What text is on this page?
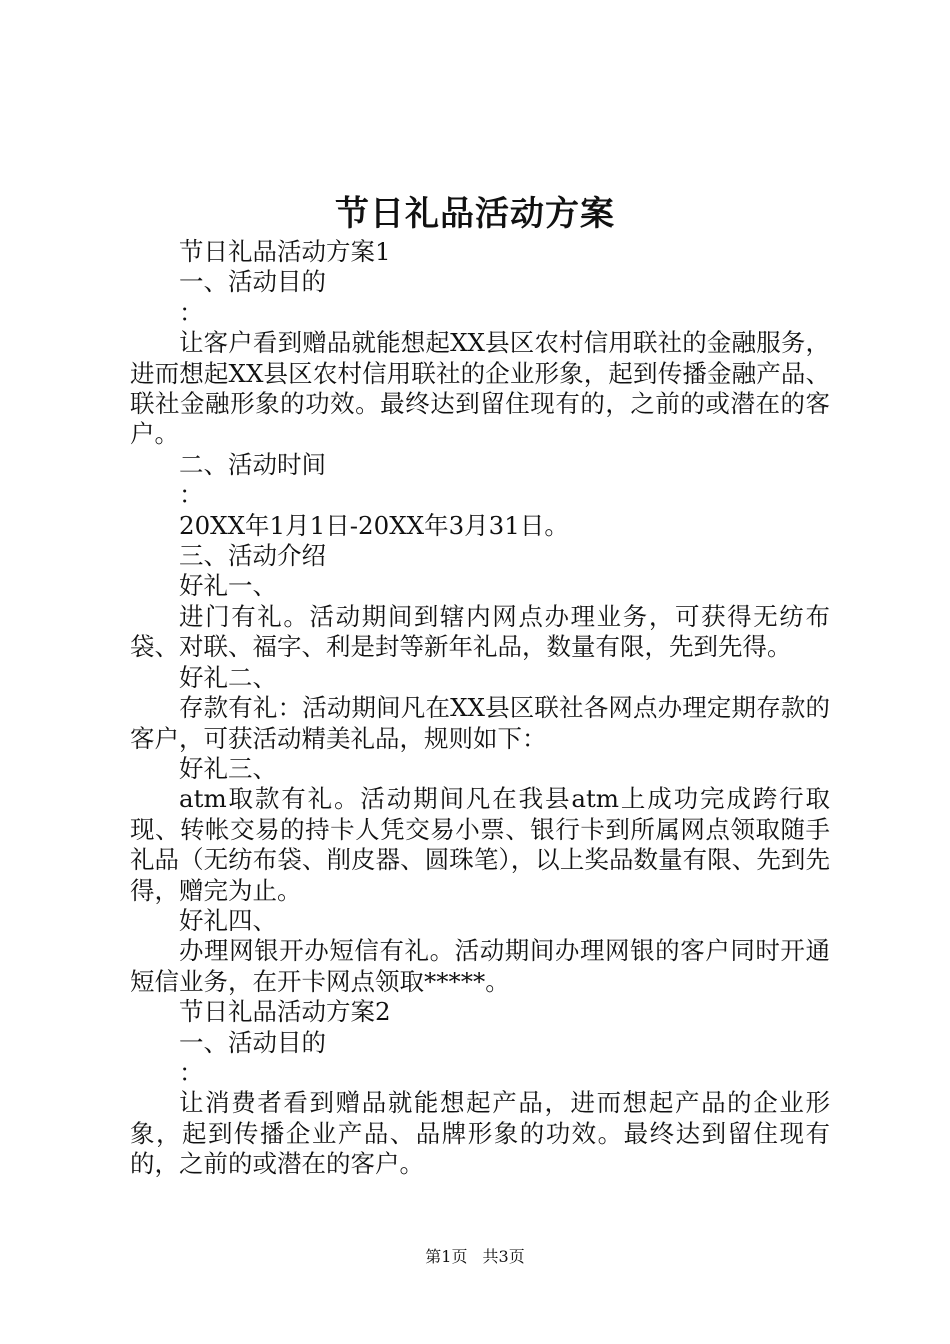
节日礼品活动方案

节日礼品活动方案1

一、活动目的

：

让客户看到赠品就能想起XX县区农村信用联社的金融服务，进而想起XX县区农村信用联社的企业形象，起到传播金融产品、联社金融形象的功效。最终达到留住现有的，之前的或潜在的客户。

二、活动时间

：

20XX年1月1日-20XX年3月31日。

三、活动介绍

好礼一、

进门有礼。活动期间到辖内网点办理业务，可获得无纺布袋、对联、福字、利是封等新年礼品，数量有限，先到先得。

好礼二、

存款有礼：活动期间凡在XX县区联社各网点办理定期存款的客户，可获活动精美礼品，规则如下：

好礼三、

atm取款有礼。活动期间凡在我县atm上成功完成跨行取现、转帐交易的持卡人凭交易小票、银行卡到所属网点领取随手礼品（无纺布袋、削皮器、圆珠笔），以上奖品数量有限、先到先得，赠完为止。

好礼四、

办理网银开办短信有礼。活动期间办理网银的客户同时开通短信业务，在开卡网点领取*****。

节日礼品活动方案2

一、活动目的

：

让消费者看到赠品就能想起产品，进而想起产品的企业形象，起到传播企业产品、品牌形象的功效。最终达到留住现有的，之前的或潜在的客户。

第1页 共3页
